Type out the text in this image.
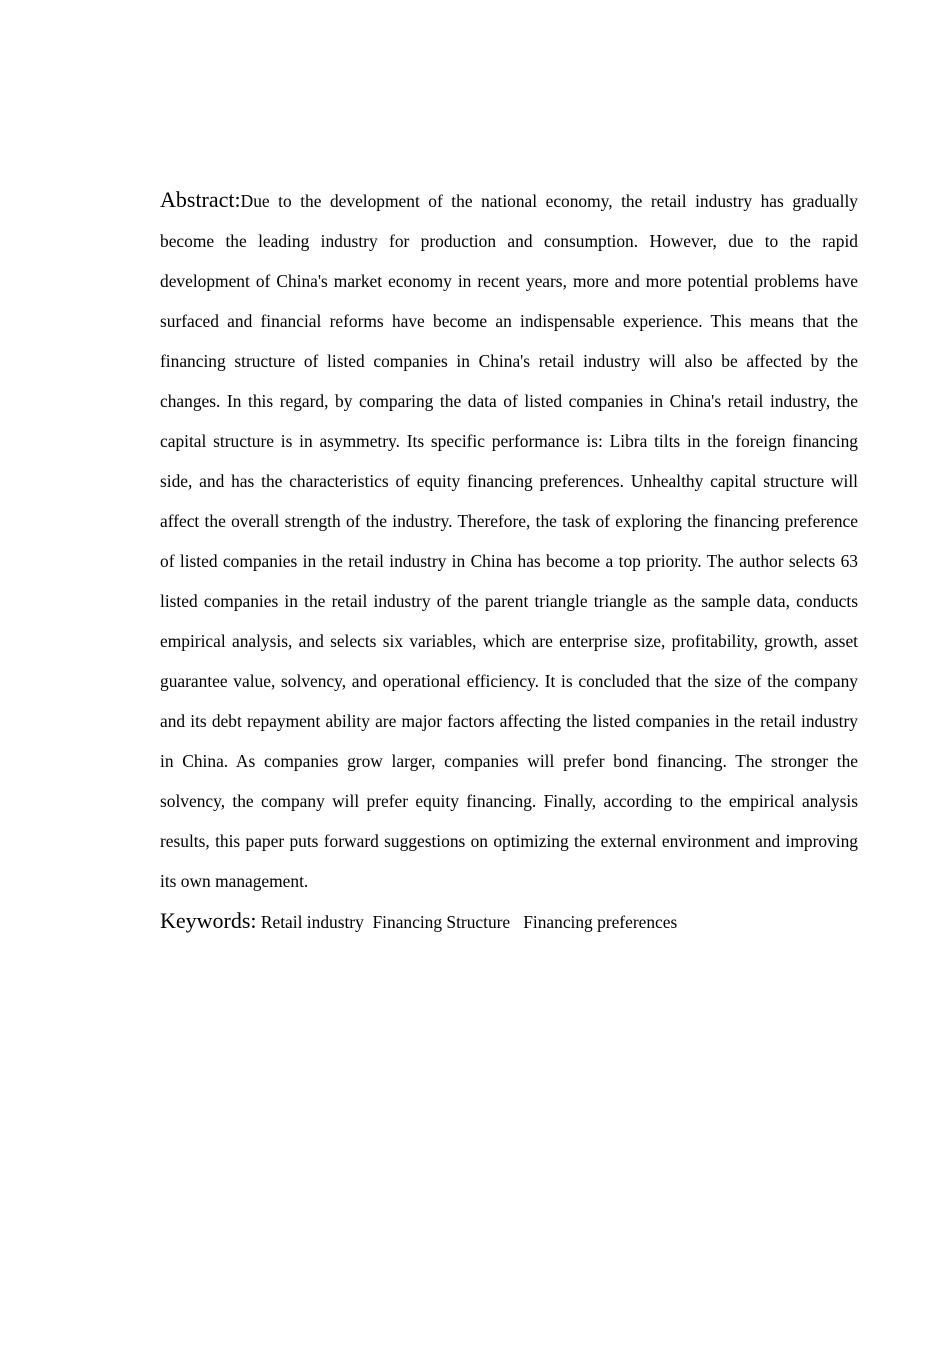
Abstract:Due to the development of the national economy, the retail industry has gradually become the leading industry for production and consumption. However, due to the rapid development of China's market economy in recent years, more and more potential problems have surfaced and financial reforms have become an indispensable experience. This means that the financing structure of listed companies in China's retail industry will also be affected by the changes. In this regard, by comparing the data of listed companies in China's retail industry, the capital structure is in asymmetry. Its specific performance is: Libra tilts in the foreign financing side, and has the characteristics of equity financing preferences. Unhealthy capital structure will affect the overall strength of the industry. Therefore, the task of exploring the financing preference of listed companies in the retail industry in China has become a top priority. The author selects 63 listed companies in the retail industry of the parent triangle triangle as the sample data, conducts empirical analysis, and selects six variables, which are enterprise size, profitability, growth, asset guarantee value, solvency, and operational efficiency. It is concluded that the size of the company and its debt repayment ability are major factors affecting the listed companies in the retail industry in China. As companies grow larger, companies will prefer bond financing. The stronger the solvency, the company will prefer equity financing. Finally, according to the empirical analysis results, this paper puts forward suggestions on optimizing the external environment and improving its own management.

Keywords: Retail industry Financing Structure Financing preferences
